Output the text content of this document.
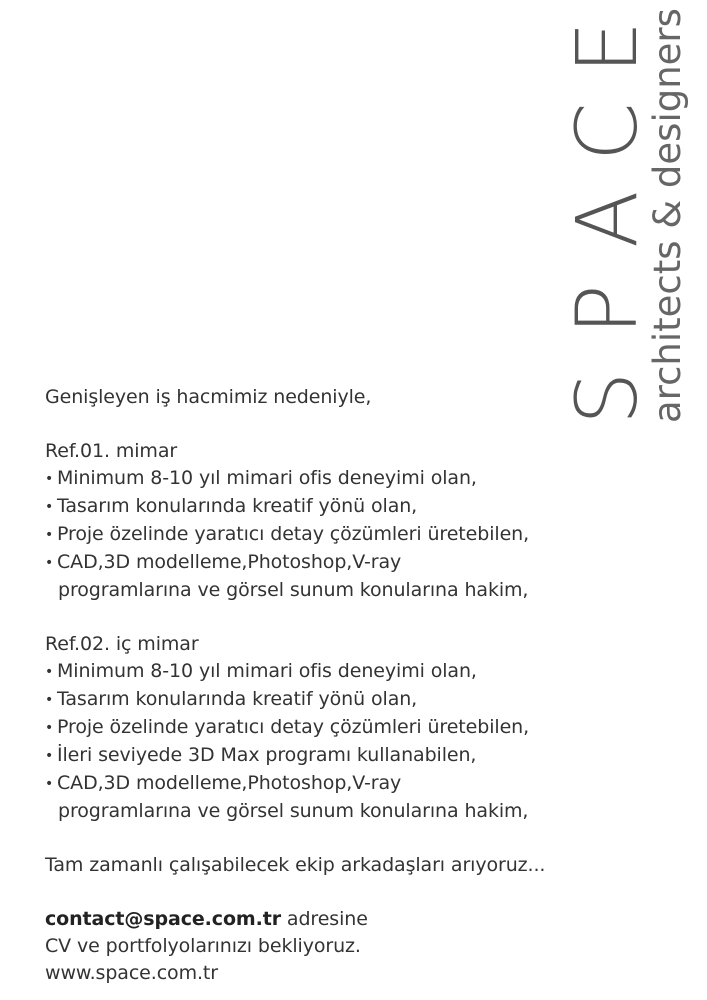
S
P
A
C
E
architects & designers

Genişleyen iş hacmimiz nedeniyle,

Ref.01. mimar

• Minimum 8-10 yıl mimari ofis deneyimi olan,

• Tasarım konularında kreatif yönü olan,

• Proje özelinde yaratıcı detay çözümleri üretebilen,

• CAD,3D modelleme,Photoshop,V-ray

programlarına ve görsel sunum konularına hakim,

Ref.02. iç mimar

• Minimum 8-10 yıl mimari ofis deneyimi olan,

• Tasarım konularında kreatif yönü olan,

• Proje özelinde yaratıcı detay çözümleri üretebilen,

• İleri seviyede 3D Max programı kullanabilen,

• CAD,3D modelleme,Photoshop,V-ray

programlarına ve görsel sunum konularına hakim,

Tam zamanlı çalışabilecek ekip arkadaşları arıyoruz...

contact@space.com.tr adresine

CV ve portfolyolarınızı bekliyoruz.

www.space.com.tr
